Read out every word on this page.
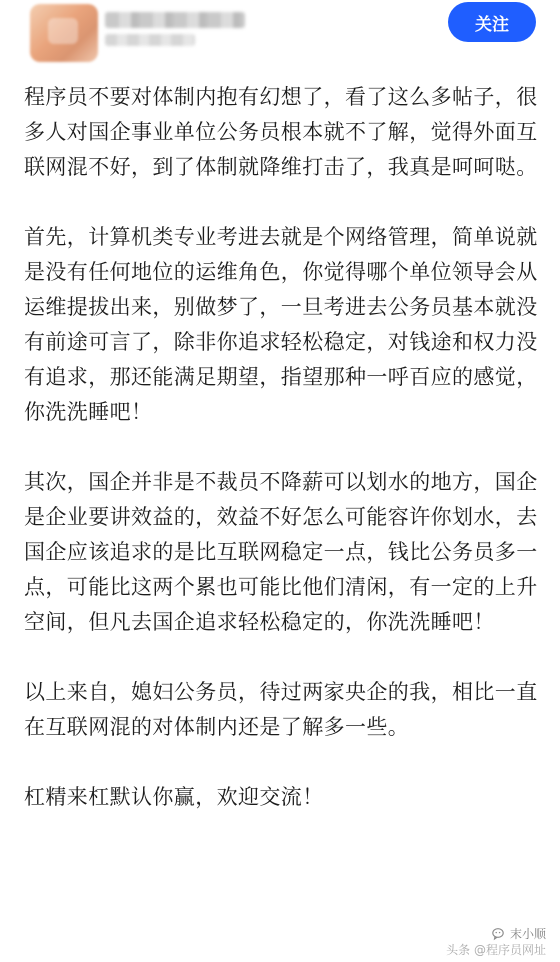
关注

程序员不要对体制内抱有幻想了，看了这么多帖子，很多人对国企事业单位公务员根本就不了解，觉得外面互联网混不好，到了体制就降维打击了，我真是呵呵哒。

首先，计算机类专业考进去就是个网络管理，简单说就是没有任何地位的运维角色，你觉得哪个单位领导会从运维提拔出来，别做梦了，一旦考进去公务员基本就没有前途可言了，除非你追求轻松稳定，对钱途和权力没有追求，那还能满足期望，指望那种一呼百应的感觉，你洗洗睡吧！

其次，国企并非是不裁员不降薪可以划水的地方，国企是企业要讲效益的，效益不好怎么可能容许你划水，去国企应该追求的是比互联网稳定一点，钱比公务员多一点，可能比这两个累也可能比他们清闲，有一定的上升空间，但凡去国企追求轻松稳定的，你洗洗睡吧！

以上来自，媳妇公务员，待过两家央企的我，相比一直在互联网混的对体制内还是了解多一些。

杠精来杠默认你赢，欢迎交流！

末小顺
头条 @程序员网址
